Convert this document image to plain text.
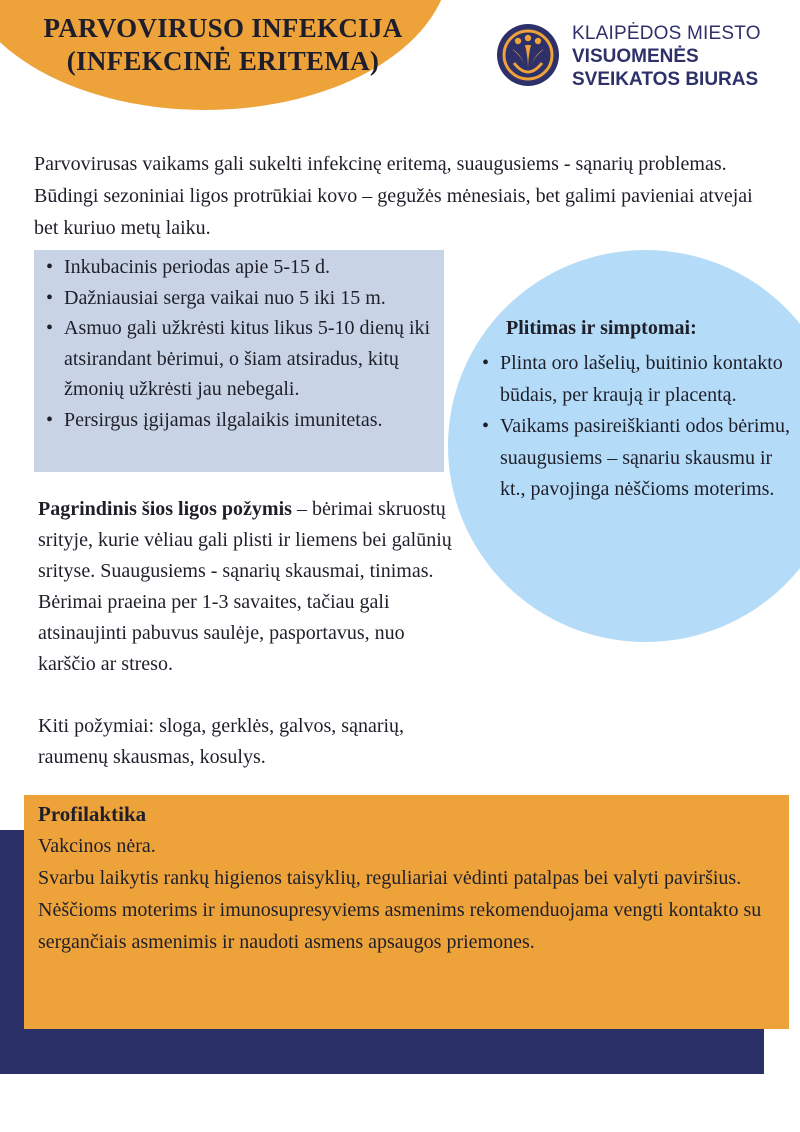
PARVOVIRUSO INFEKCIJA
(INFEKCINĖ ERITEMA)
KLAIPĖDOS MIESTO
VISUOMENĖS
SVEIKATOS BIURAS

Parvovirusas vaikams gali sukelti infekcinę eritemą, suaugusiems - sąnarių problemas. Būdingi sezoniniai ligos protrūkiai kovo – gegužės mėnesiais, bet galimi pavieniai atvejai bet kuriuo metų laiku.

• Inkubacinis periodas apie 5-15 d.
• Dažniausiai serga vaikai nuo 5 iki 15 m.
• Asmuo gali užkrėsti kitus likus 5-10 dienų iki atsirandant bėrimui, o šiam atsiradus, kitų žmonių užkrėsti jau nebegali.
• Persirgus įgijamas ilgalaikis imunitetas.

Plitimas ir simptomai:

• Plinta oro lašelių, buitinio kontakto būdais, per kraują ir placentą.
• Vaikams pasireiškianti odos bėrimu, suaugusiems – sąnariu skausmu ir kt., pavojinga nėščioms moterims.

Pagrindinis šios ligos požymis – bėrimai skruostų srityje, kurie vėliau gali plisti ir liemens bei galūnių srityse. Suaugusiems - sąnarių skausmai, tinimas. Bėrimai praeina per 1-3 savaites, tačiau gali atsinaujinti pabuvus saulėje, pasportavus, nuo karščio ar streso.

Kiti požymiai: sloga, gerklės, galvos, sąnarių, raumenų skausmas, kosulys.

Profilaktika

Vakcinos nėra.
Svarbu laikytis rankų higienos taisyklių, reguliariai vėdinti patalpas bei valyti paviršius.
Nėščioms moterims ir imunosupresyviems asmenims rekomenduojama vengti kontakto su sergančiais asmenimis ir naudoti asmens apsaugos priemones.
